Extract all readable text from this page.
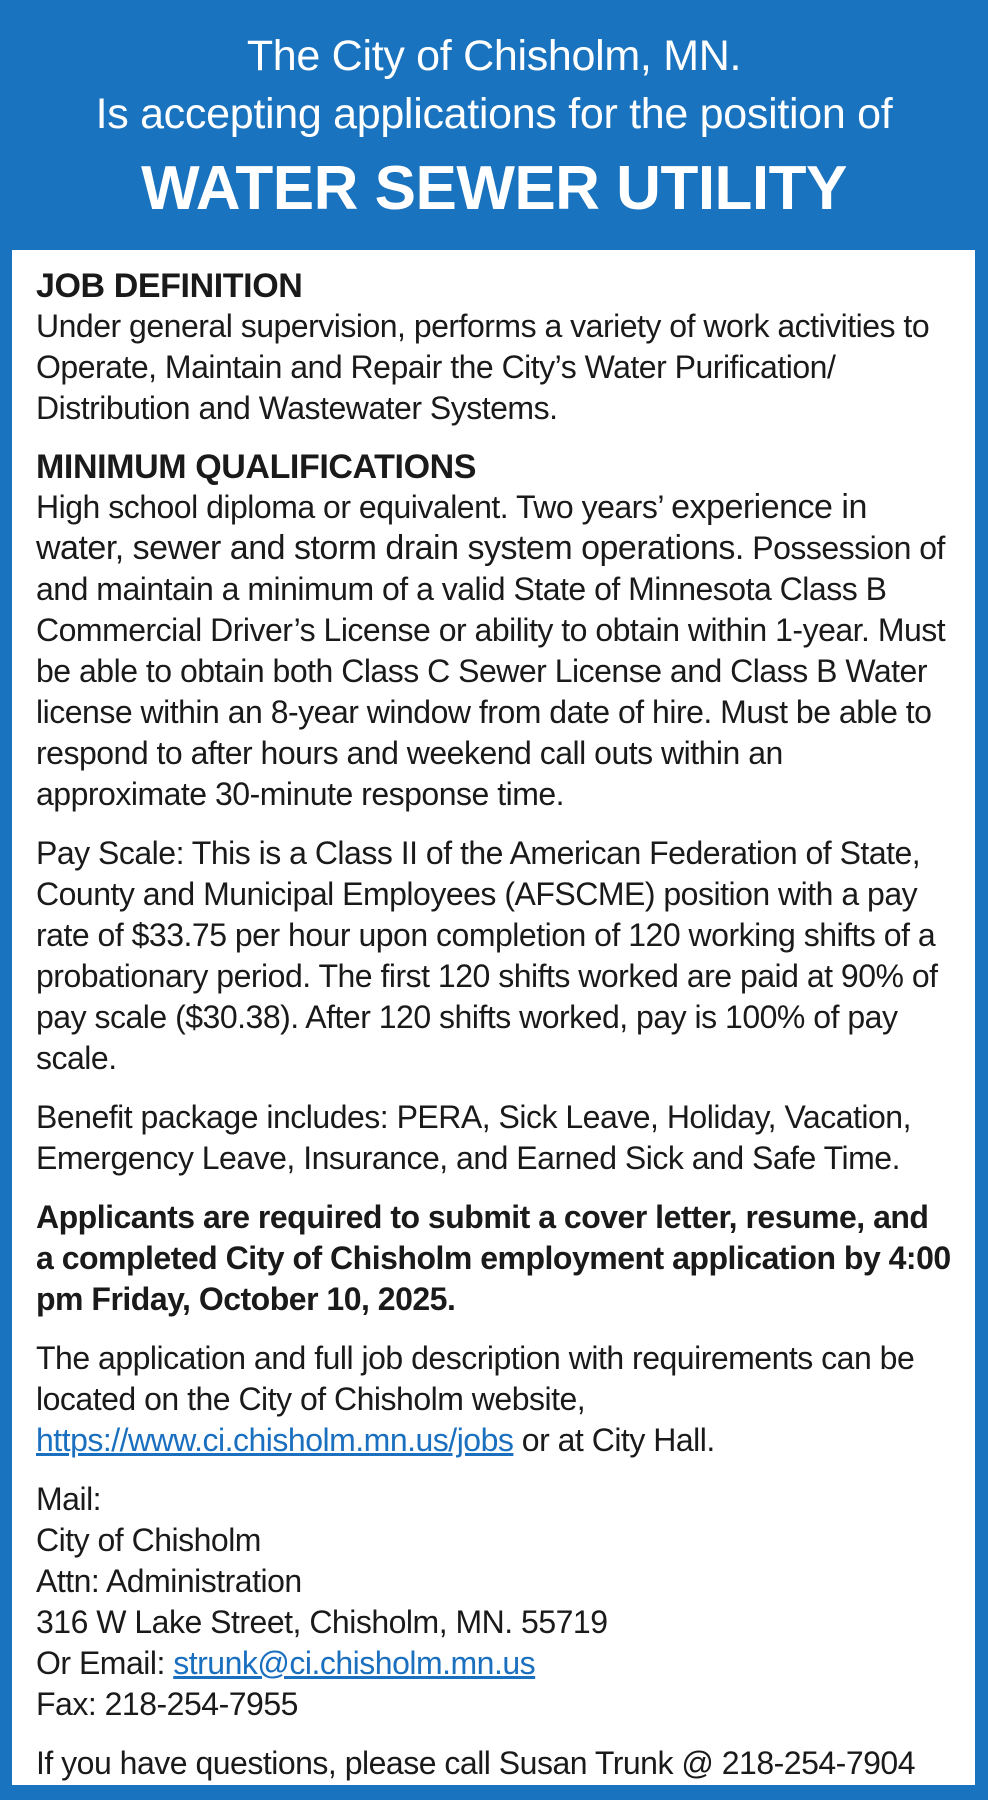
The City of Chisholm, MN.
Is accepting applications for the position of
WATER SEWER UTILITY
JOB DEFINITION

Under general supervision, performs a variety of work activities to Operate, Maintain and Repair the City’s Water Purification/ Distribution and Wastewater Systems.

MINIMUM QUALIFICATIONS

High school diploma or equivalent. Two years’ experience in water, sewer and storm drain system operations. Possession of and maintain a minimum of a valid State of Minnesota Class B Commercial Driver’s License or ability to obtain within 1-year. Must be able to obtain both Class C Sewer License and Class B Water license within an 8-year window from date of hire. Must be able to respond to after hours and weekend call outs within an approximate 30-minute response time.

Pay Scale: This is a Class II of the American Federation of State, County and Municipal Employees (AFSCME) position with a pay rate of $33.75 per hour upon completion of 120 working shifts of a probationary period. The first 120 shifts worked are paid at 90% of pay scale ($30.38). After 120 shifts worked, pay is 100% of pay scale.

Benefit package includes: PERA, Sick Leave, Holiday, Vacation, Emergency Leave, Insurance, and Earned Sick and Safe Time.

Applicants are required to submit a cover letter, resume, and a completed City of Chisholm employment application by 4:00 pm Friday, October 10, 2025.

The application and full job description with requirements can be located on the City of Chisholm website,
https://www.ci.chisholm.mn.us/jobs or at City Hall.

Mail:
City of Chisholm
Attn: Administration
316 W Lake Street, Chisholm, MN. 55719
Or Email: strunk@ci.chisholm.mn.us
Fax: 218-254-7955

If you have questions, please call Susan Trunk @ 218-254-7904
